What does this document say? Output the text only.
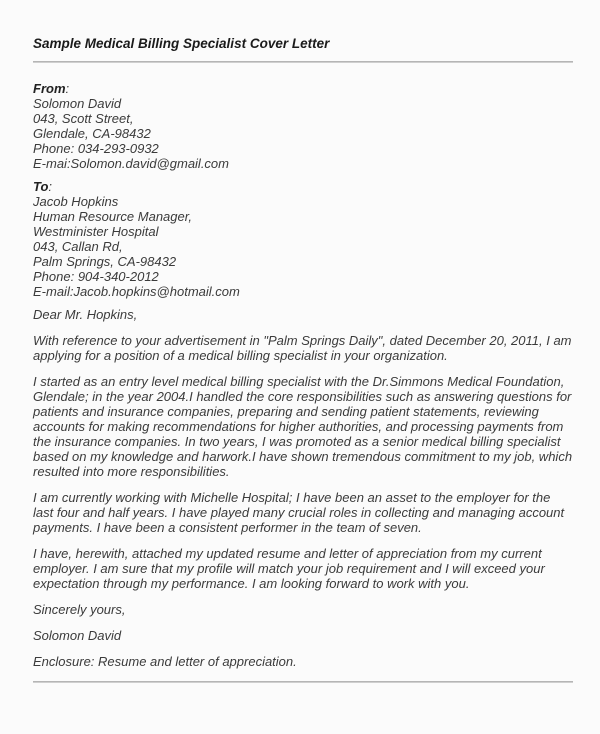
Sample Medical Billing Specialist Cover Letter
From:
Solomon David
043, Scott Street,
Glendale, CA-98432
Phone: 034-293-0932
E-mai:Solomon.david@gmail.com
To:
Jacob Hopkins
Human Resource Manager,
Westminister Hospital
043, Callan Rd,
Palm Springs, CA-98432
Phone: 904-340-2012
E-mail:Jacob.hopkins@hotmail.com

Dear Mr. Hopkins,

With reference to your advertisement in "Palm Springs Daily", dated December 20, 2011, I am applying for a position of a medical billing specialist in your organization.

I started as an entry level medical billing specialist with the Dr.Simmons Medical Foundation, Glendale; in the year 2004.I handled the core responsibilities such as answering questions for patients and insurance companies, preparing and sending patient statements, reviewing accounts for making recommendations for higher authorities, and processing payments from the insurance companies. In two years, I was promoted as a senior medical billing specialist based on my knowledge and harwork.I have shown tremendous commitment to my job, which resulted into more responsibilities.

I am currently working with Michelle Hospital; I have been an asset to the employer for the last four and half years. I have played many crucial roles in collecting and managing account payments. I have been a consistent performer in the team of seven.

I have, herewith, attached my updated resume and letter of appreciation from my current employer. I am sure that my profile will match your job requirement and I will exceed your expectation through my performance. I am looking forward to work with you.

Sincerely yours,

Solomon David

Enclosure: Resume and letter of appreciation.
